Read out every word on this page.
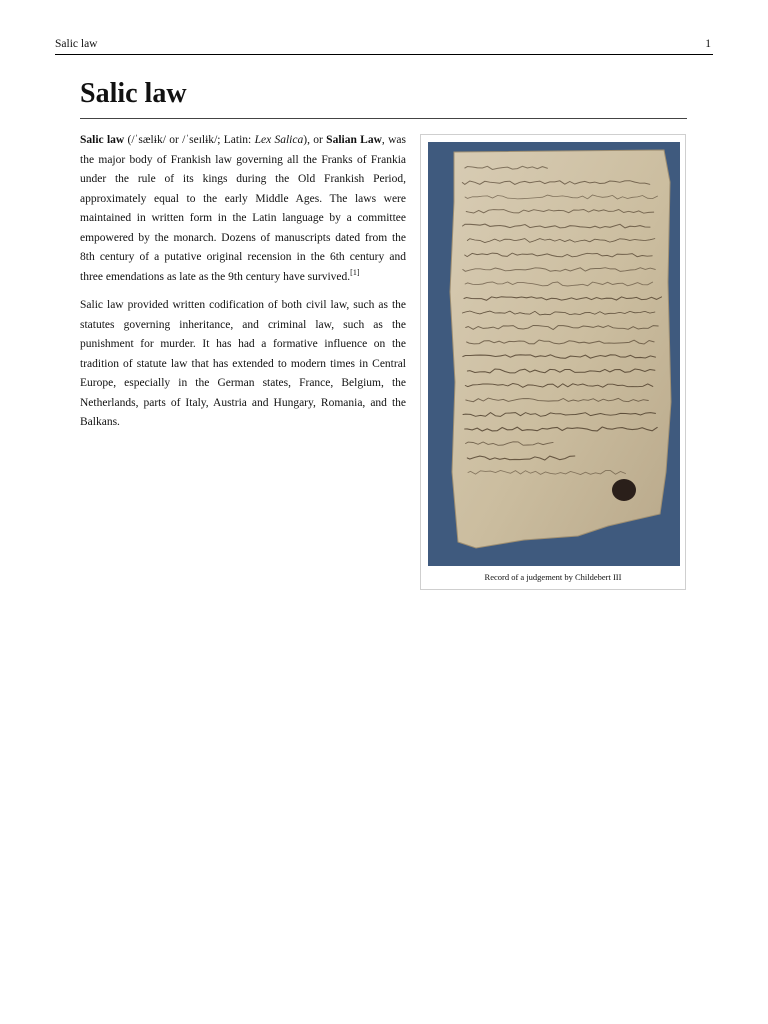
Salic law	1
Salic law

Salic law (/ˈsælɨk/ or /ˈseɪlɨk/; Latin: Lex Salica), or Salian Law, was the major body of Frankish law governing all the Franks of Frankia under the rule of its kings during the Old Frankish Period, approximately equal to the early Middle Ages. The laws were maintained in written form in the Latin language by a committee empowered by the monarch. Dozens of manuscripts dated from the 8th century of a putative original recension in the 6th century and three emendations as late as the 9th century have survived.[1]

Salic law provided written codification of both civil law, such as the statutes governing inheritance, and criminal law, such as the punishment for murder. It has had a formative influence on the tradition of statute law that has extended to modern times in Central Europe, especially in the German states, France, Belgium, the Netherlands, parts of Italy, Austria and Hungary, Romania, and the Balkans.

Record of a judgement by Childebert III
